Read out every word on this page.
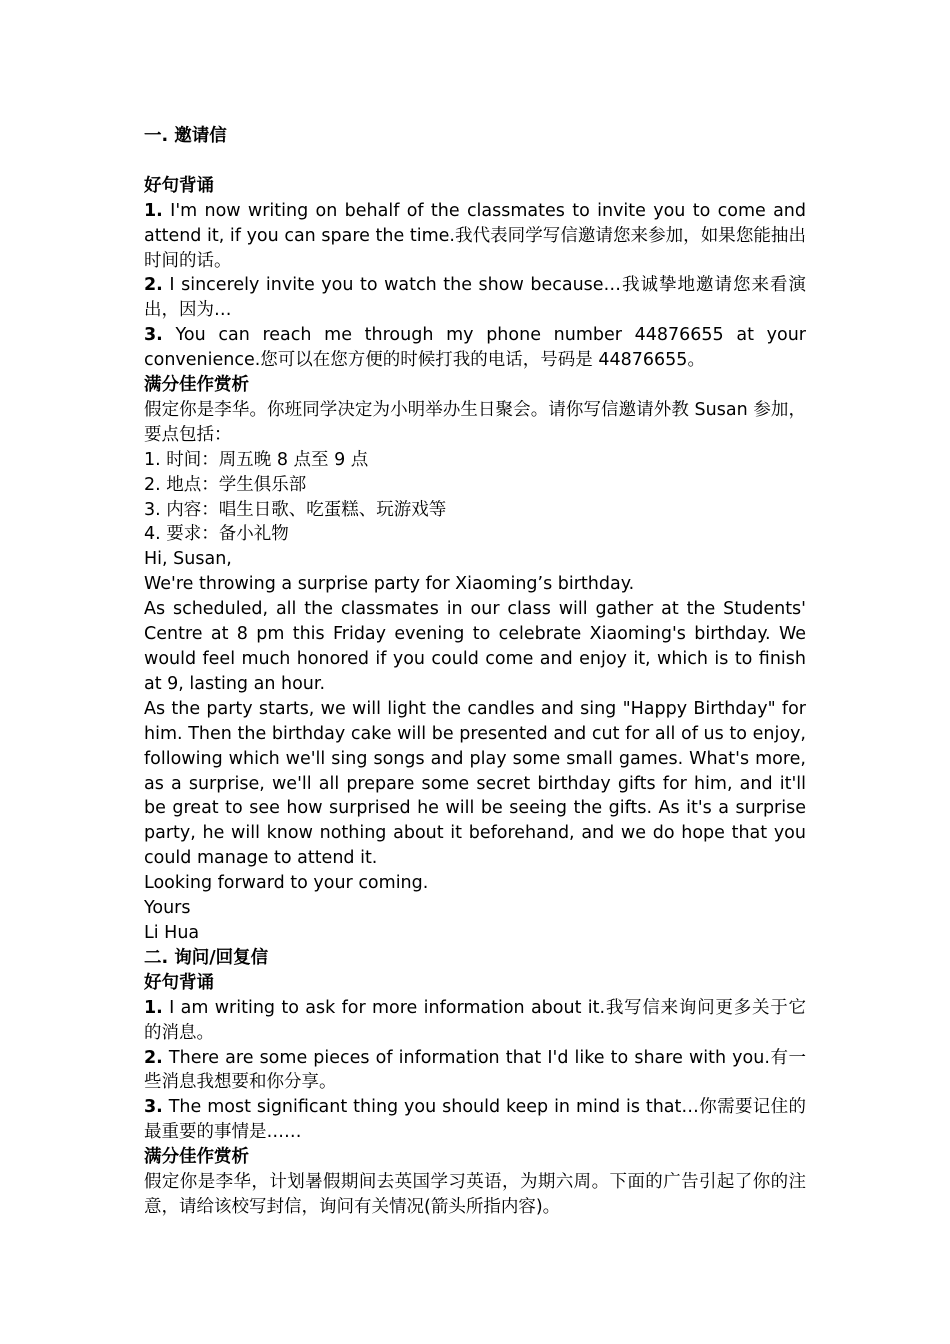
一. 邀请信

好句背诵

1. I'm now writing on behalf of the classmates to invite you to come and attend it, if you can spare the time.我代表同学写信邀请您来参加，如果您能抽出时间的话。

2. I sincerely invite you to watch the show because…我诚挚地邀请您来看演出，因为…

3. You can reach me through my phone number 44876655 at your convenience.您可以在您方便的时候打我的电话，号码是 44876655。

满分佳作赏析

假定你是李华。你班同学决定为小明举办生日聚会。请你写信邀请外教 Susan 参加，要点包括：

1. 时间：周五晚 8 点至 9 点

2. 地点：学生俱乐部

3. 内容：唱生日歌、吃蛋糕、玩游戏等

4. 要求：备小礼物

Hi, Susan,

We're throwing a surprise party for Xiaoming’s birthday.

As scheduled, all the classmates in our class will gather at the Students' Centre at 8 pm this Friday evening to celebrate Xiaoming's birthday. We would feel much honored if you could come and enjoy it, which is to finish at 9, lasting an hour.

As the party starts, we will light the candles and sing "Happy Birthday" for him. Then the birthday cake will be presented and cut for all of us to enjoy, following which we'll sing songs and play some small games. What's more, as a surprise, we'll all prepare some secret birthday gifts for him, and it'll be great to see how surprised he will be seeing the gifts. As it's a surprise party, he will know nothing about it beforehand, and we do hope that you could manage to attend it.

Looking forward to your coming.

Yours

Li Hua

二. 询问/回复信

好句背诵

1. I am writing to ask for more information about it.我写信来询问更多关于它的消息。

2. There are some pieces of information that I'd like to share with you.有一些消息我想要和你分享。

3. The most significant thing you should keep in mind is that…你需要记住的最重要的事情是……

满分佳作赏析

假定你是李华，计划暑假期间去英国学习英语，为期六周。下面的广告引起了你的注意，请给该校写封信，询问有关情况(箭头所指内容)。
